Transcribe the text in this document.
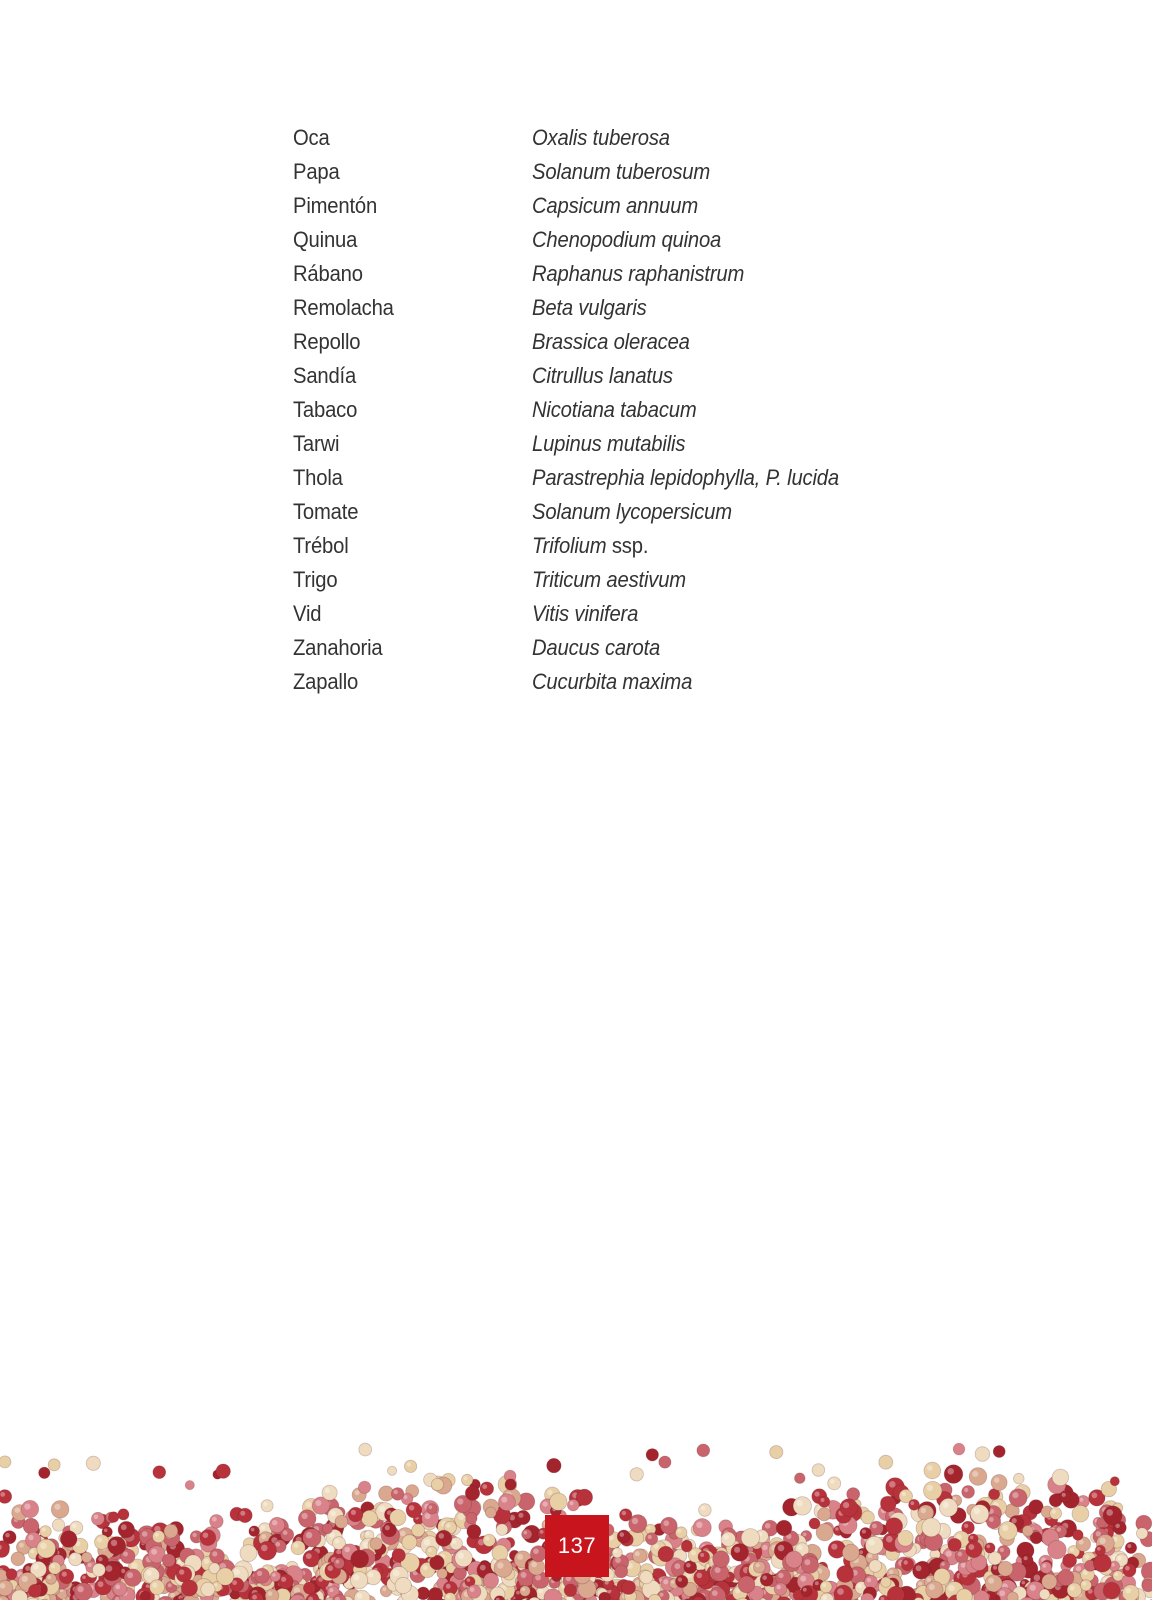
Oca	Oxalis tuberosa
Papa	Solanum tuberosum
Pimentón	Capsicum annuum
Quinua	Chenopodium quinoa
Rábano	Raphanus raphanistrum
Remolacha	Beta vulgaris
Repollo	Brassica oleracea
Sandía	Citrullus lanatus
Tabaco	Nicotiana tabacum
Tarwi	Lupinus mutabilis
Thola	Parastrephia lepidophylla, P. lucida
Tomate	Solanum lycopersicum
Trébol	Trifolium ssp.
Trigo	Triticum aestivum
Vid	Vitis vinifera
Zanahoria	Daucus carota
Zapallo	Cucurbita maxima
137
